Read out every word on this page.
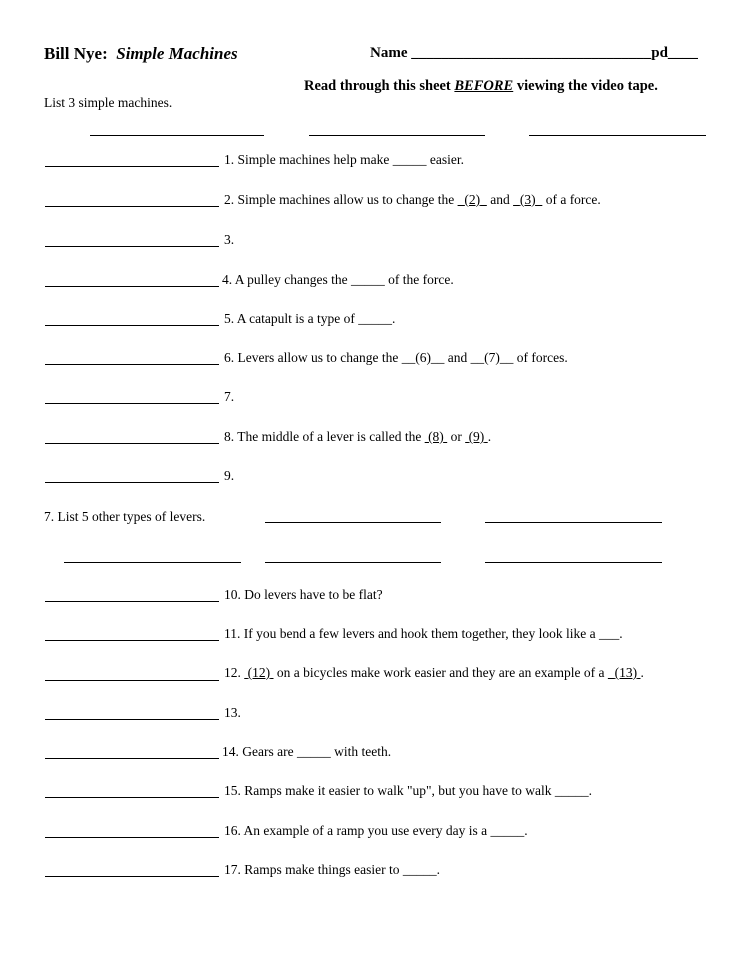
Bill Nye: Simple Machines	Name ________________________________pd____
Read through this sheet BEFORE viewing the video tape.
List 3 simple machines.
1. Simple machines help make _____ easier.
2. Simple machines allow us to change the (2) and (3) of a force.
3.
4. A pulley changes the _____ of the force.
5. A catapult is a type of _____.
6. Levers allow us to change the __(6)__ and __(7)__ of forces.
7.
8. The middle of a lever is called the (8) or (9) .
9.
7. List 5 other types of levers.
10. Do levers have to be flat?
11. If you bend a few levers and hook them together, they look like a ___.
12. (12) on a bicycles make work easier and they are an example of a (13) .
13.
14. Gears are _____ with teeth.
15. Ramps make it easier to walk "up", but you have to walk _____.
16. An example of a ramp you use every day is a _____.
17. Ramps make things easier to _____.
